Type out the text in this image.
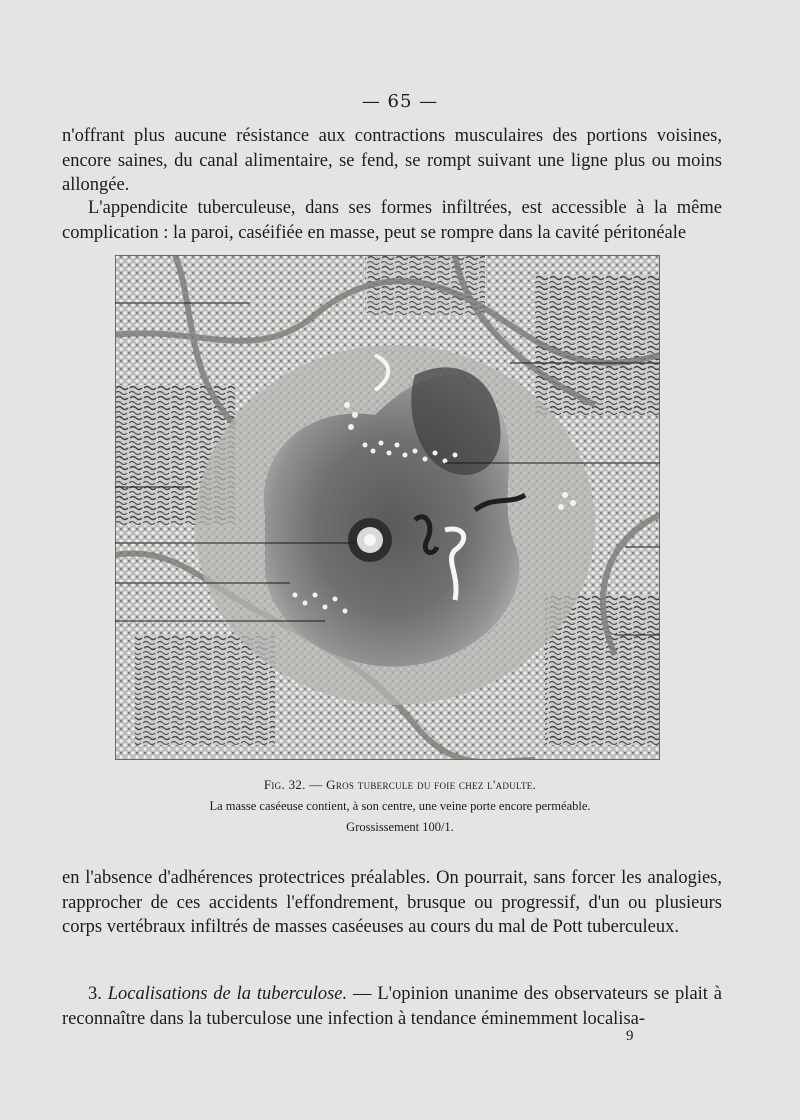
— 65 —

n'offrant plus aucune résistance aux contractions musculaires des portions voisines, encore saines, du canal alimentaire, se fend, se rompt suivant une ligne plus ou moins allongée.

L'appendicite tuberculeuse, dans ses formes infiltrées, est accessible à la même complication : la paroi, caséifiée en masse, peut se rompre dans la cavité péritonéale

Fig. 32. — Gros tubercule du foie chez l'adulte.
La masse caséeuse contient, à son centre, une veine porte encore perméable.
Grossissement 100/1.

en l'absence d'adhérences protectrices préalables. On pourrait, sans forcer les analogies, rapprocher de ces accidents l'effondrement, brusque ou progressif, d'un ou plusieurs corps vertébraux infiltrés de masses caséeuses au cours du mal de Pott tuberculeux.

3. Localisations de la tuberculose. — L'opinion unanime des observateurs se plait à reconnaître dans la tuberculose une infection à tendance éminemment localisa-

9
